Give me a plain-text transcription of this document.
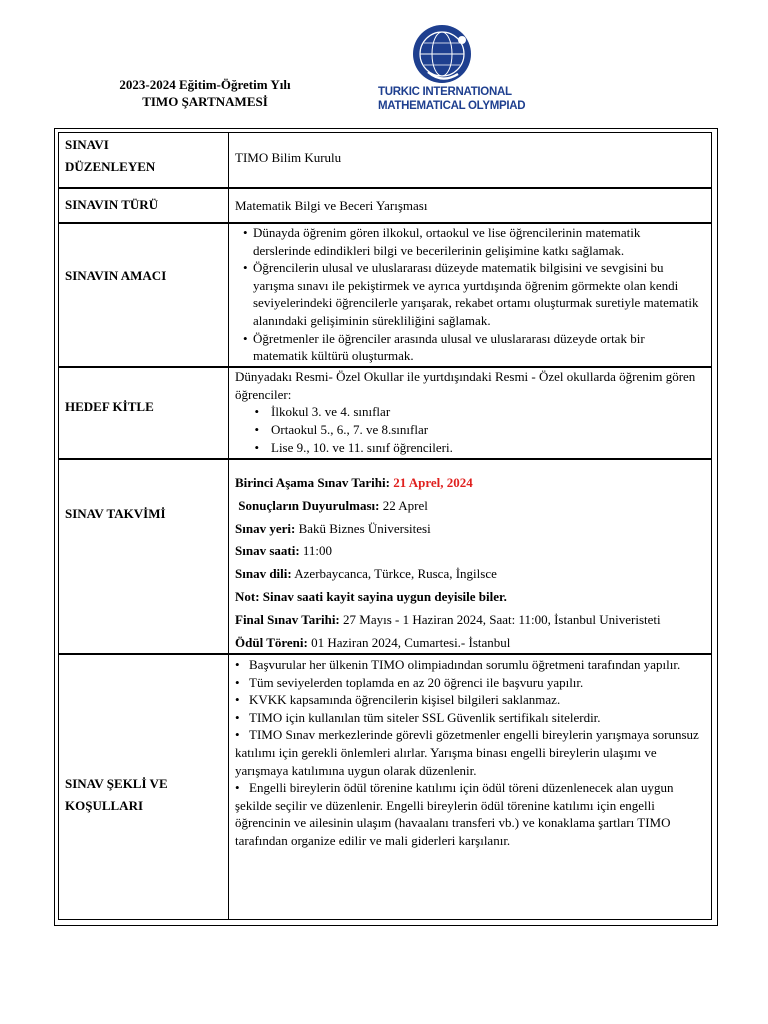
2023-2024 Eğitim-Öğretim Yılı
TIMO ŞARTNAMESİ
TURKIC INTERNATIONAL
MATHEMATICAL OLYMPIAD
SINAVI
DÜZENLEYEN
TIMO Bilim Kurulu
SINAVIN TÜRÜ	Matematik Bilgi ve Beceri Yarışması
SINAVIN AMACI
• Dünayda öğrenim gören ilkokul, ortaokul ve lise öğrencilerinin matematik
derslerinde edindikleri bilgi ve becerilerinin gelişimine katkı sağlamak.
• Öğrencilerin ulusal ve uluslararası düzeyde matematik bilgisini ve sevgisini bu
yarışma sınavı ile pekiştirmek ve ayrıca yurtdışında öğrenim görmekte olan kendi seviyelerindeki öğrencilerle yarışarak, rekabet ortamı oluşturmak suretiyle matematik alanındaki gelişiminin sürekliliğini sağlamak.
• Öğretmenler ile öğrenciler arasında ulusal ve uluslararası düzeyde ortak bir
matematik kültürü oluşturmak.
HEDEF KİTLE
Dünyadakı Resmi- Özel Okullar ile yurtdışındaki Resmi - Özel okullarda öğrenim gören öğrenciler:
• İlkokul 3. ve 4. sınıflar
• Ortaokul 5., 6., 7. ve 8.sınıflar
• Lise 9., 10. ve 11. sınıf öğrencileri.
SINAV TAKVİMİ

Birinci Aşama Sınav Tarihi: 21 Aprel, 2024

Sonuçların Duyurulması: 22 Aprel

Sınav yeri: Bakü Biznes Üniversitesi

Sınav saati: 11:00

Sınav dili: Azerbaycanca, Türkce, Rusca, İngilsce

Not: Sinav saati kayit sayina uygun deyisile biler.

Final Sınav Tarihi: 27 Mayıs - 1 Haziran 2024, Saat: 11:00, İstanbul Univeristeti

Ödül Töreni: 01 Haziran 2024, Cumartesi.- İstanbul

SINAV ŞEKLİ VE
KOŞULLARI

• Başvurular her ülkenin TIMO olimpiadından sorumlu öğretmeni tarafından yapılır.

• Tüm seviyelerden toplamda en az 20 öğrenci ile başvuru yapılır.

• KVKK kapsamında öğrencilerin kişisel bilgileri saklanmaz.

• TIMO için kullanılan tüm siteler SSL Güvenlik sertifikalı sitelerdir.

• TIMO Sınav merkezlerinde görevli gözetmenler engelli bireylerin yarışmaya sorunsuz katılımı için gerekli önlemleri alırlar. Yarışma binası engelli bireylerin ulaşımı ve yarışmaya katılımına uygun olarak düzenlenir.

• Engelli bireylerin ödül törenine katılımı için ödül töreni düzenlenecek alan uygun şekilde seçilir ve düzenlenir. Engelli bireylerin ödül törenine katılımı için engelli öğrencinin ve ailesinin ulaşım (havaalanı transferi vb.) ve konaklama şartları TIMO tarafından organize edilir ve mali giderleri karşılanır.
